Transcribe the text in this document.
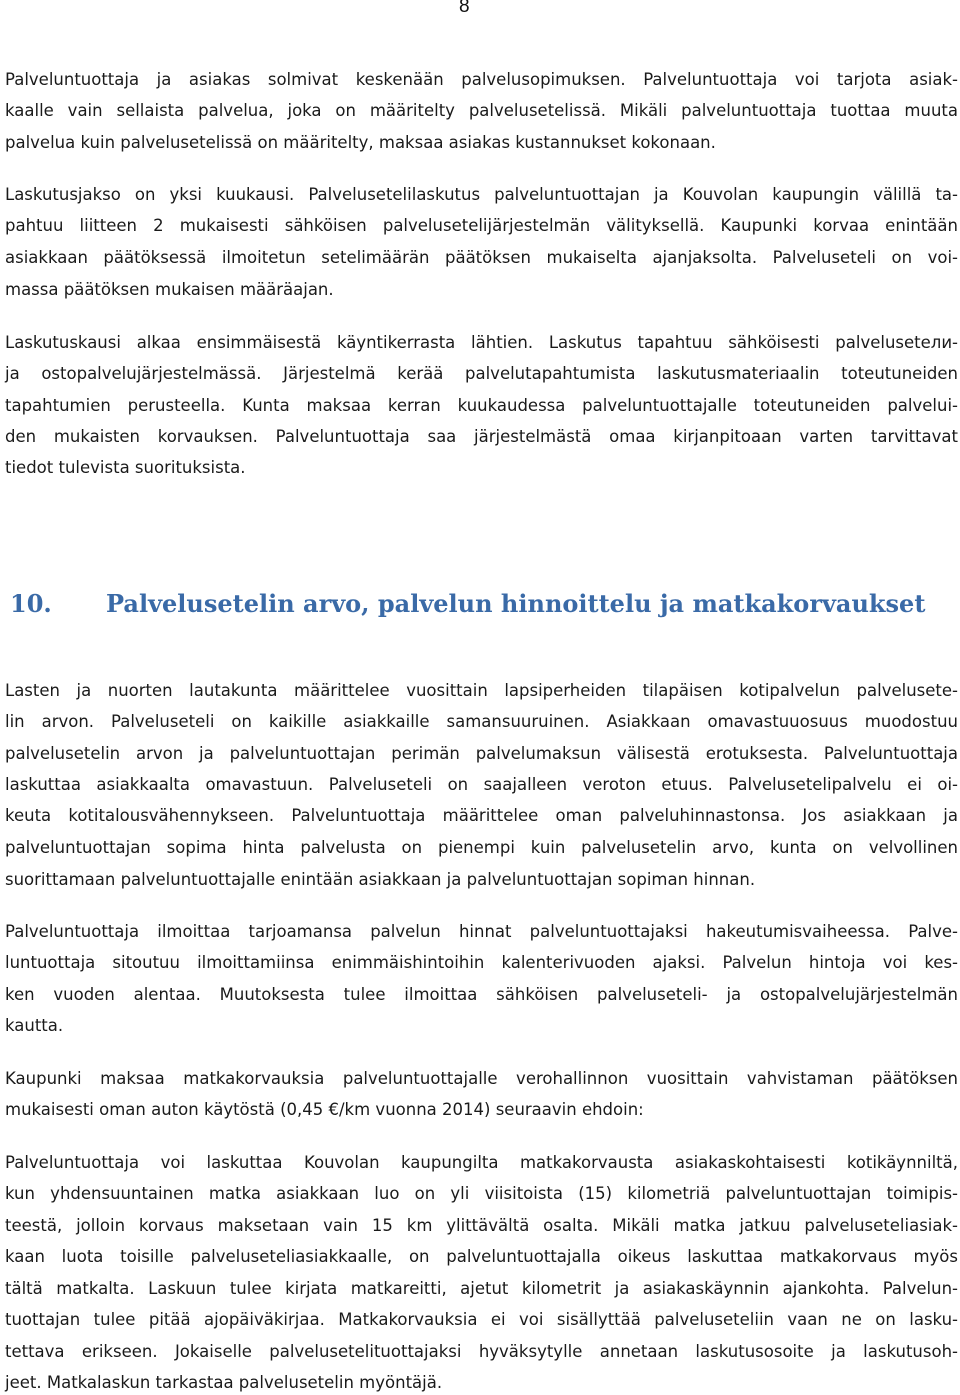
8
Palveluntuottaja ja asiakas solmivat keskenään palvelusopimuksen. Palveluntuottaja voi tarjota asiak-
kaalle vain sellaista palvelua, joka on määritelty palvelusetelissä. Mikäli palveluntuottaja tuottaa muuta
palvelua kuin palvelusetelissä on määritelty, maksaa asiakas kustannukset kokonaan.
Laskutusjakso on yksi kuukausi. Palvelusetelilaskutus palveluntuottajan ja Kouvolan kaupungin välillä ta-
pahtuu liitteen 2 mukaisesti sähköisen palvelusetelijärjestelmän välityksellä. Kaupunki korvaa enintään
asiakkaan päätöksessä ilmoitetun setelimäärän päätöksen mukaiselta ajanjaksolta. Palveluseteli on voi-
massa päätöksen mukaisen määräajan.
Laskutuskausi alkaa ensimmäisestä käyntikerrasta lähtien. Laskutus tapahtuu sähköisesti palvelusetели-
ja ostopalvelujärjestelmässä. Järjestelmä kerää palvelutapahtumista laskutusmateriaalin toteutuneiden
tapahtumien perusteella. Kunta maksaa kerran kuukaudessa palveluntuottajalle toteutuneiden palvelui-
den mukaisten korvauksen. Palveluntuottaja saa järjestelmästä omaa kirjanpitoaan varten tarvittavat
tiedot tulevista suorituksista.
10. Palvelusetelin arvo, palvelun hinnoittelu ja matkakorvaukset
Lasten ja nuorten lautakunta määrittelee vuosittain lapsiperheiden tilapäisen kotipalvelun palvelusete-
lin arvon. Palveluseteli on kaikille asiakkaille samansuuruinen. Asiakkaan omavastuuosuus muodostuu
palvelusetelin arvon ja palveluntuottajan perimän palvelumaksun välisestä erotuksesta. Palveluntuottaja
laskuttaa asiakkaalta omavastuun. Palveluseteli on saajalleen veroton etuus. Palvelusetelipalvelu ei oi-
keuta kotitalousvähennykseen. Palveluntuottaja määrittelee oman palveluhinnastonsa. Jos asiakkaan ja
palveluntuottajan sopima hinta palvelusta on pienempi kuin palvelusetelin arvo, kunta on velvollinen
suorittamaan palveluntuottajalle enintään asiakkaan ja palveluntuottajan sopiman hinnan.
Palveluntuottaja ilmoittaa tarjoamansa palvelun hinnat palveluntuottajaksi hakeutumisvaiheessa. Palve-
luntuottaja sitoutuu ilmoittamiinsa enimmäishintoihin kalenterivuoden ajaksi. Palvelun hintoja voi kes-
ken vuoden alentaa. Muutoksesta tulee ilmoittaa sähköisen palveluseteli- ja ostopalvelujärjestelmän
kautta.
Kaupunki maksaa matkakorvauksia palveluntuottajalle verohallinnon vuosittain vahvistaman päätöksen
mukaisesti oman auton käytöstä (0,45 €/km vuonna 2014) seuraavin ehdoin:
Palveluntuottaja voi laskuttaa Kouvolan kaupungilta matkakorvausta asiakaskohtaisesti kotikäynniltä,
kun yhdensuuntainen matka asiakkaan luo on yli viisitoista (15) kilometriä palveluntuottajan toimipis-
teestä, jolloin korvaus maksetaan vain 15 km ylittävältä osalta. Mikäli matka jatkuu palveluseteliasiak-
kaan luota toisille palveluseteliasiakkaalle, on palveluntuottajalla oikeus laskuttaa matkakorvaus myös
tältä matkalta. Laskuun tulee kirjata matkareitti, ajetut kilometrit ja asiakaskäynnin ajankohta. Palvelun-
tuottajan tulee pitää ajopäiväkirjaa. Matkakorvauksia ei voi sisällyttää palveluseteliin vaan ne on lasku-
tettava erikseen. Jokaiselle palvelusetelituottajaksi hyväksytylle annetaan laskutusosoite ja laskutusoh-
jeet. Matkalaskun tarkastaa palvelusetelin myöntäjä.
